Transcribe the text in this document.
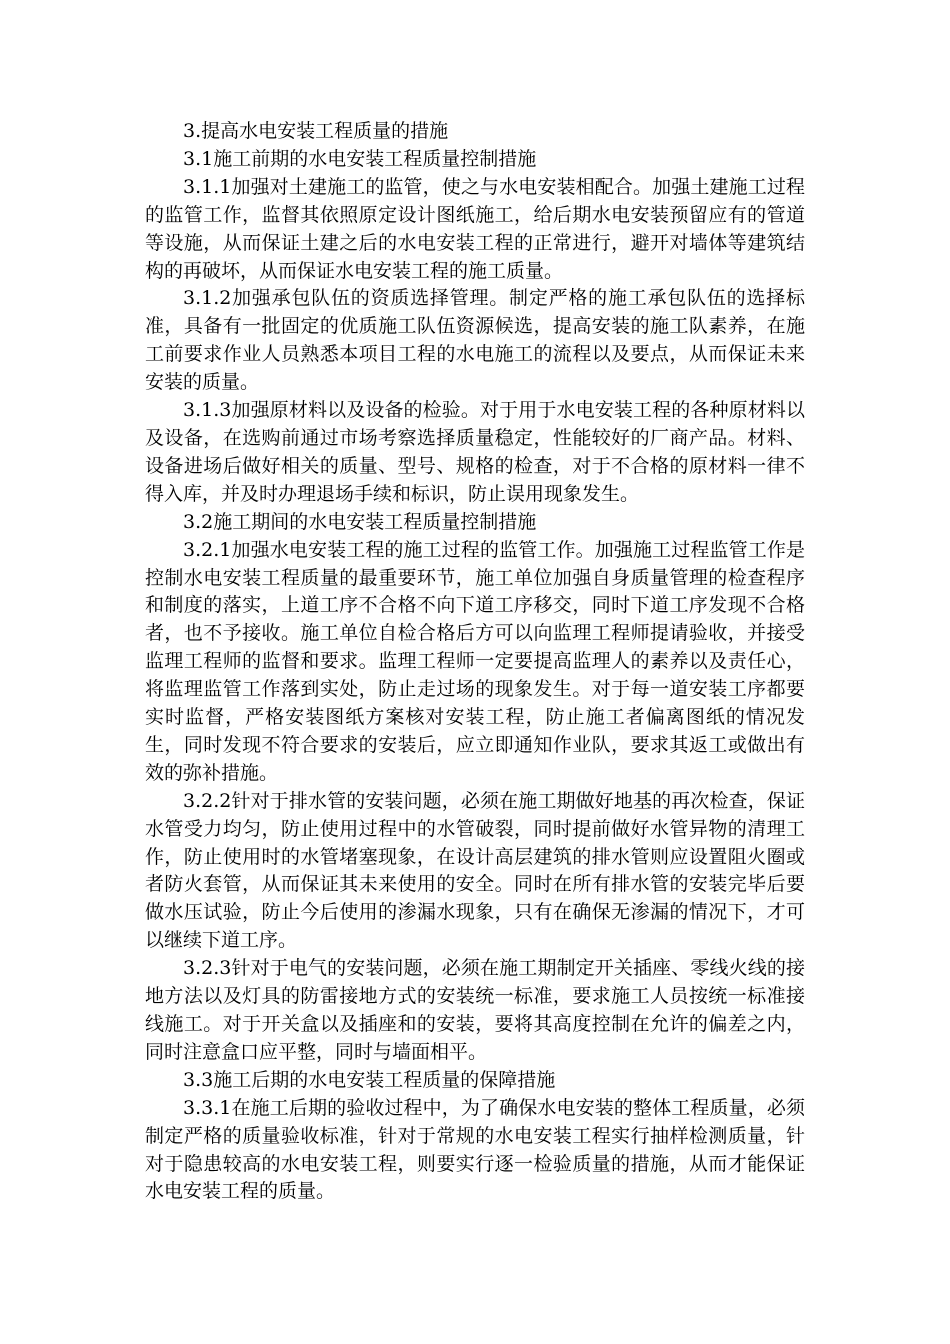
3.提高水电安装工程质量的措施

3.1施工前期的水电安装工程质量控制措施

3.1.1加强对土建施工的监管，使之与水电安装相配合。加强土建施工过程的监管工作，监督其依照原定设计图纸施工，给后期水电安装预留应有的管道等设施，从而保证土建之后的水电安装工程的正常进行，避开对墙体等建筑结构的再破坏，从而保证水电安装工程的施工质量。

3.1.2加强承包队伍的资质选择管理。制定严格的施工承包队伍的选择标准，具备有一批固定的优质施工队伍资源候选，提高安装的施工队素养，在施工前要求作业人员熟悉本项目工程的水电施工的流程以及要点，从而保证未来安装的质量。

3.1.3加强原材料以及设备的检验。对于用于水电安装工程的各种原材料以及设备，在选购前通过市场考察选择质量稳定，性能较好的厂商产品。材料、设备进场后做好相关的质量、型号、规格的检查，对于不合格的原材料一律不得入库，并及时办理退场手续和标识，防止误用现象发生。

3.2施工期间的水电安装工程质量控制措施

3.2.1加强水电安装工程的施工过程的监管工作。加强施工过程监管工作是控制水电安装工程质量的最重要环节，施工单位加强自身质量管理的检查程序和制度的落实，上道工序不合格不向下道工序移交，同时下道工序发现不合格者，也不予接收。施工单位自检合格后方可以向监理工程师提请验收，并接受监理工程师的监督和要求。监理工程师一定要提高监理人的素养以及责任心，将监理监管工作落到实处，防止走过场的现象发生。对于每一道安装工序都要实时监督，严格安装图纸方案核对安装工程，防止施工者偏离图纸的情况发生，同时发现不符合要求的安装后，应立即通知作业队，要求其返工或做出有效的弥补措施。

3.2.2针对于排水管的安装问题，必须在施工期做好地基的再次检查，保证水管受力均匀，防止使用过程中的水管破裂，同时提前做好水管异物的清理工作，防止使用时的水管堵塞现象，在设计高层建筑的排水管则应设置阻火圈或者防火套管，从而保证其未来使用的安全。同时在所有排水管的安装完毕后要做水压试验，防止今后使用的渗漏水现象，只有在确保无渗漏的情况下，才可以继续下道工序。

3.2.3针对于电气的安装问题，必须在施工期制定开关插座、零线火线的接地方法以及灯具的防雷接地方式的安装统一标准，要求施工人员按统一标准接线施工。对于开关盒以及插座和的安装，要将其高度控制在允许的偏差之内，同时注意盒口应平整，同时与墙面相平。

3.3施工后期的水电安装工程质量的保障措施

3.3.1在施工后期的验收过程中，为了确保水电安装的整体工程质量，必须制定严格的质量验收标准，针对于常规的水电安装工程实行抽样检测质量，针对于隐患较高的水电安装工程，则要实行逐一检验质量的措施，从而才能保证水电安装工程的质量。
